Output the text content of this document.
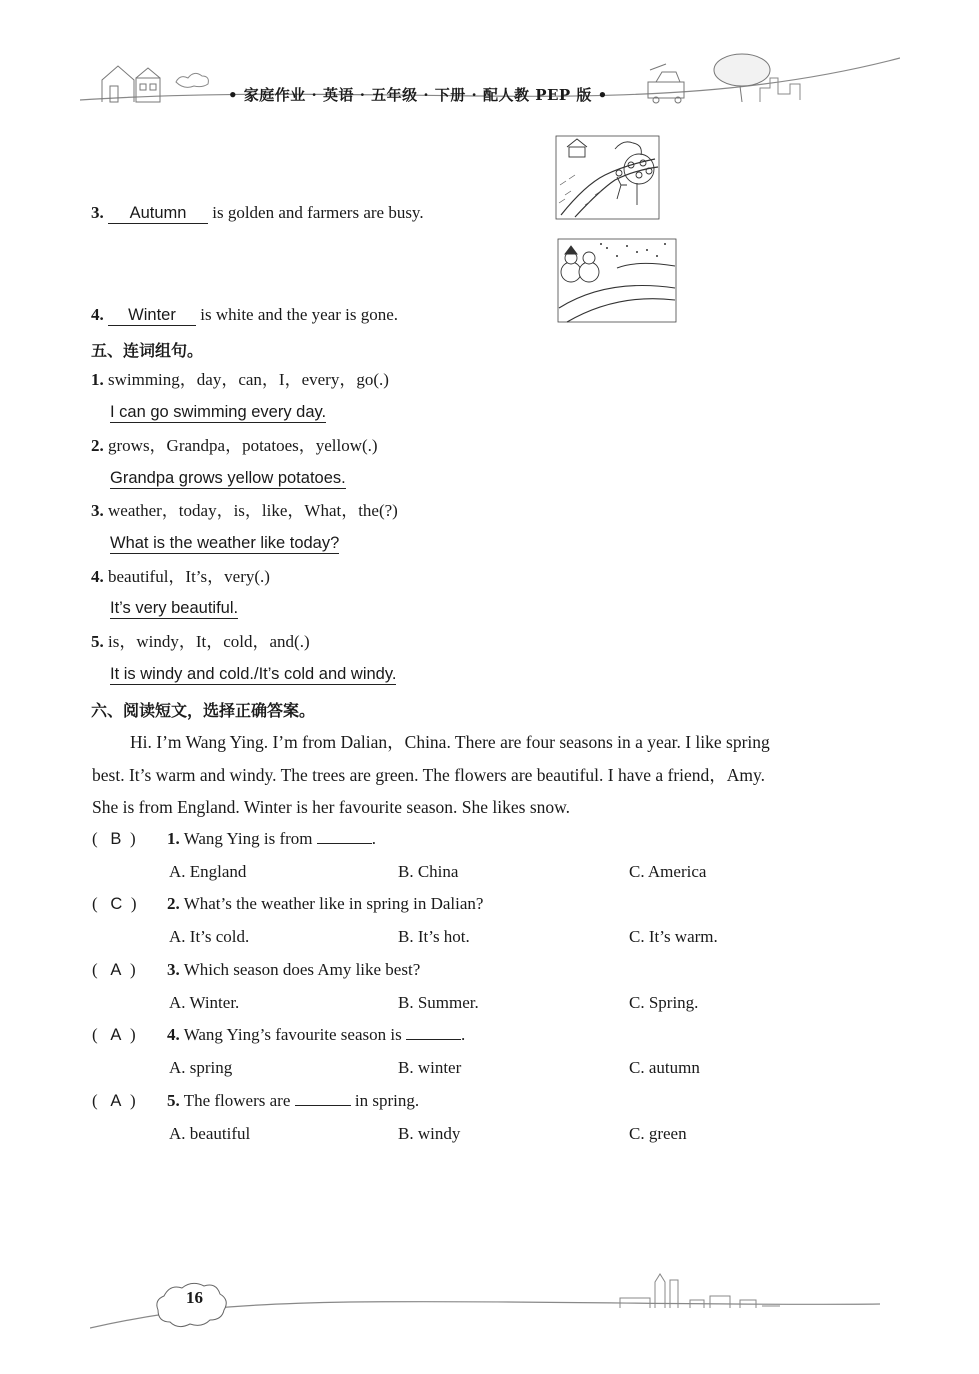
• 家庭作业 · 英语 · 五年级 · 下册 · 配人教 PEP 版 •
3. Autumn is golden and farmers are busy.
4. Winter is white and the year is gone.
五、连词组句。
1. swimming，day，can，I，every，go(.)
I can go swimming every day.
2. grows，Grandpa，potatoes，yellow(.)
Grandpa grows yellow potatoes.
3. weather，today，is，like，What，the(?)
What is the weather like today?
4. beautiful，It’s，very(.)
It’s very beautiful.
5. is，windy，It，cold，and(.)
It is windy and cold./It’s cold and windy.
六、阅读短文，选择正确答案。

Hi. I’m Wang Ying. I’m from Dalian，China. There are four seasons in a year. I like spring

best. It’s warm and windy. The trees are green. The flowers are beautiful. I have a friend，Amy.

She is from England. Winter is her favourite season. She likes snow.

(   B  ) 1. Wang Ying is from	.
A. England	B. China	C. America
(   C  ) 2. What’s the weather like in spring in Dalian?
A. It’s cold.	B. It’s hot.	C. It’s warm.
(   A  ) 3. Which season does Amy like best?
A. Winter.	B. Summer.	C. Spring.
(   A  ) 4. Wang Ying’s favourite season is	.
A. spring	B. winter	C. autumn
(   A  ) 5. The flowers are	in spring.
A. beautiful	B. windy	C. green
16
